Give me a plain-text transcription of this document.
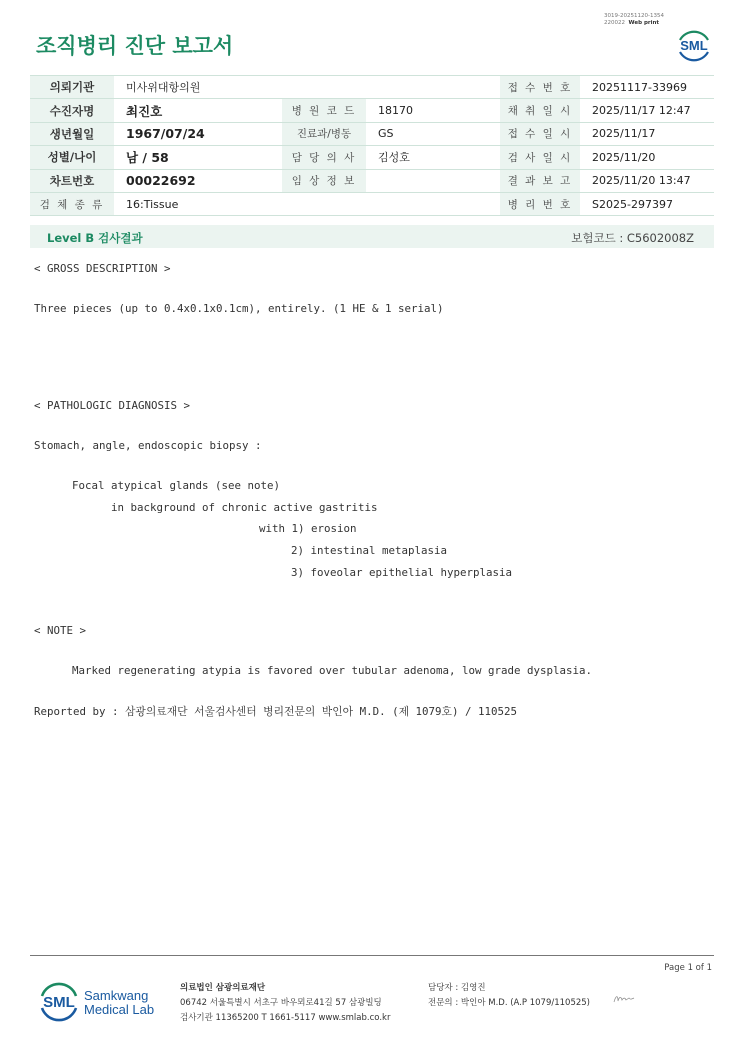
조직병리 진단 보고서
3019-20251120-1354
220022 Web print
SML
의뢰기관	미사위대항의원			접 수 번 호	20251117-33969
수진자명	최진호	병 원 코 드	18170	채 취 일 시	2025/11/17 12:47
생년월일	1967/07/24	진료과/병동	GS	접 수 일 시	2025/11/17
성별/나이	남 / 58	담 당 의 사	김성호	검 사 일 시	2025/11/20
차트번호	00022692	임 상 정 보		결 과 보 고	2025/11/20 13:47
검 체 종 류	16:Tissue			병 리 번 호	S2025-297397
Level B 검사결과	보험코드 : C5602008Z
< GROSS DESCRIPTION >
Three pieces (up to 0.4x0.1x0.1cm), entirely. (1 HE & 1 serial)
< PATHOLOGIC DIAGNOSIS >
Stomach, angle, endoscopic biopsy :
Focal atypical glands (see note)
in background of chronic active gastritis
with 1) erosion
2) intestinal metaplasia
3) foveolar epithelial hyperplasia
< NOTE >
Marked regenerating atypia is favored over tubular adenoma, low grade dysplasia.
Reported by : 삼광의료재단 서울검사센터 병리전문의 박인아 M.D. (제 1079호) / 110525
Page 1 of 1
SML Samkwang
Medical Lab
의료법인 삼광의료재단
06742 서울특별시 서초구 바우뫼로41길 57 삼광빌딩
검사기관 11365200 T 1661-5117 www.smlab.co.kr
담당자 : 김영진
전문의 : 박인아 M.D. (A.P 1079/110525)
